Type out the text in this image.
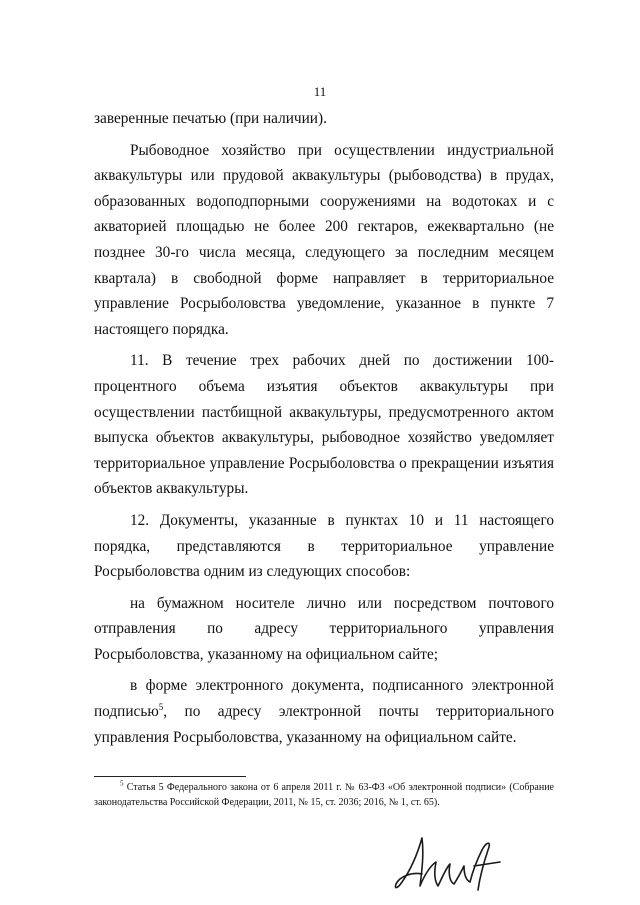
11

заверенные печатью (при наличии).

Рыбоводное хозяйство при осуществлении индустриальной аквакультуры или прудовой аквакультуры (рыбоводства) в прудах, образованных водоподпорными сооружениями на водотоках и с акваторией площадью не более 200 гектаров, ежеквартально (не позднее 30-го числа месяца, следующего за последним месяцем квартала) в свободной форме направляет в территориальное управление Росрыболовства уведомление, указанное в пункте 7 настоящего порядка.

11. В течение трех рабочих дней по достижении 100-процентного объема изъятия объектов аквакультуры при осуществлении пастбищной аквакультуры, предусмотренного актом выпуска объектов аквакультуры, рыбоводное хозяйство уведомляет территориальное управление Росрыболовства о прекращении изъятия объектов аквакультуры.

12. Документы, указанные в пунктах 10 и 11 настоящего порядка, представляются в территориальное управление Росрыболовства одним из следующих способов:

на бумажном носителе лично или посредством почтового отправления по адресу территориального управления Росрыболовства, указанному на официальном сайте;

в форме электронного документа, подписанного электронной подписью$^5$, по адресу электронной почты территориального управления Росрыболовства, указанному на официальном сайте.

$^5$ Статья 5 Федерального закона от 6 апреля 2011 г. № 63-ФЗ «Об электронной подписи» (Собрание законодательства Российской Федерации, 2011, № 15, ст. 2036; 2016, № 1, ст. 65).
